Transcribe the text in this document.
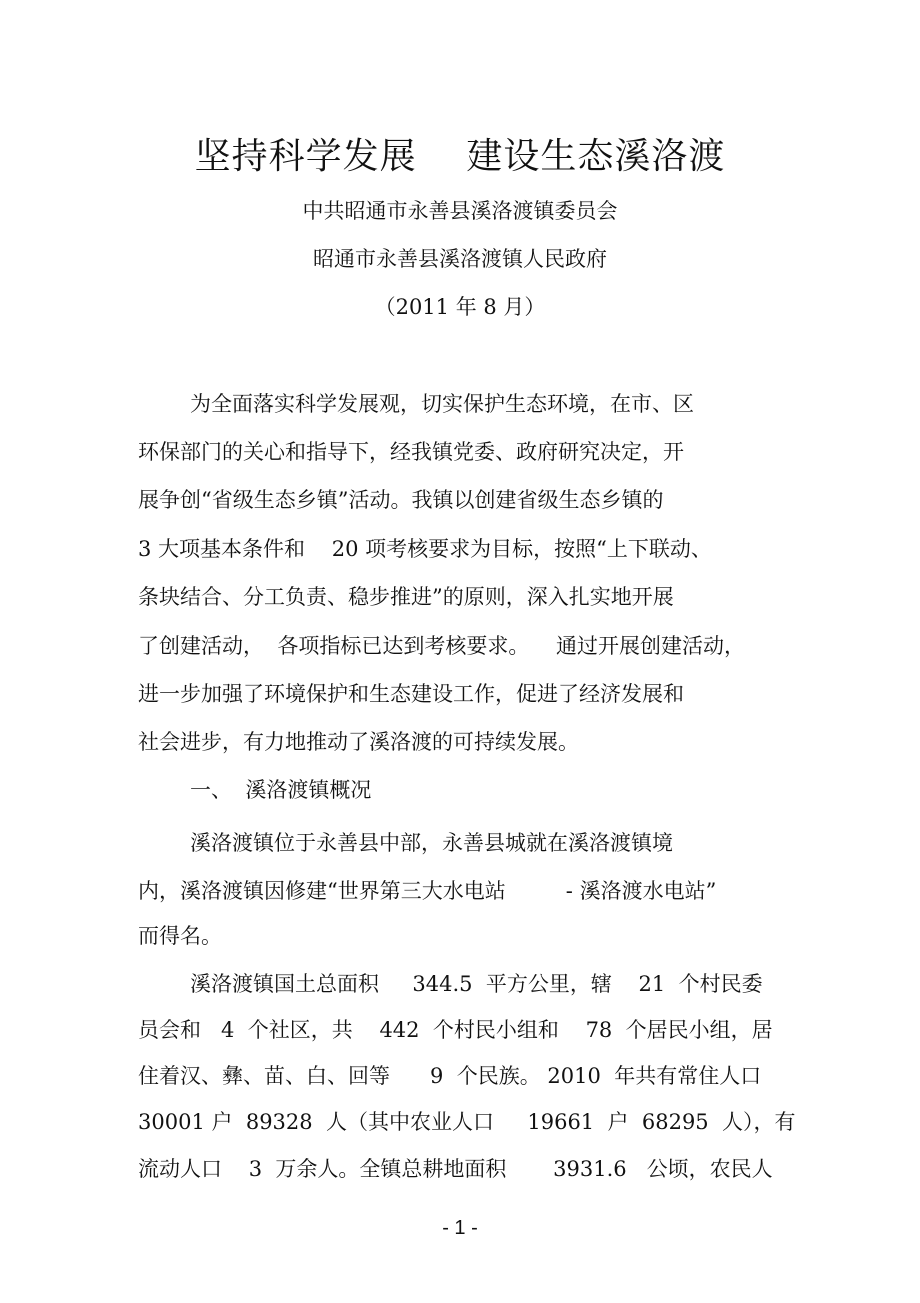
坚持科学发展    建设生态溪洛渡
中共昭通市永善县溪洛渡镇委员会
昭通市永善县溪洛渡镇人民政府
（2011 年 8 月）
为全面落实科学发展观，切实保护生态环境，在市、区
环保部门的关心和指导下，经我镇党委、政府研究决定，开
展争创“省级生态乡镇”活动。我镇以创建省级生态乡镇的
3 大项基本条件和    20 项考核要求为目标，按照“上下联动、
条块结合、分工负责、稳步推进”的原则，深入扎实地开展
了创建活动，  各项指标已达到考核要求。    通过开展创建活动，
进一步加强了环境保护和生态建设工作，促进了经济发展和
社会进步，有力地推动了溪洛渡的可持续发展。
一、  溪洛渡镇概况
溪洛渡镇位于永善县中部，永善县城就在溪洛渡镇境
内，溪洛渡镇因修建“世界第三大水电站         - 溪洛渡水电站”
而得名。
溪洛渡镇国土总面积     344.5  平方公里，辖    21  个村民委
员会和   4  个社区，共    442  个村民小组和    78  个居民小组，居
住着汉、彝、苗、白、回等      9  个民族。 2010  年共有常住人口
30001 户  89328  人（其中农业人口     19661  户  68295  人），有
流动人口    3  万余人。全镇总耕地面积       3931.6   公顷，农民人
- 1 -
